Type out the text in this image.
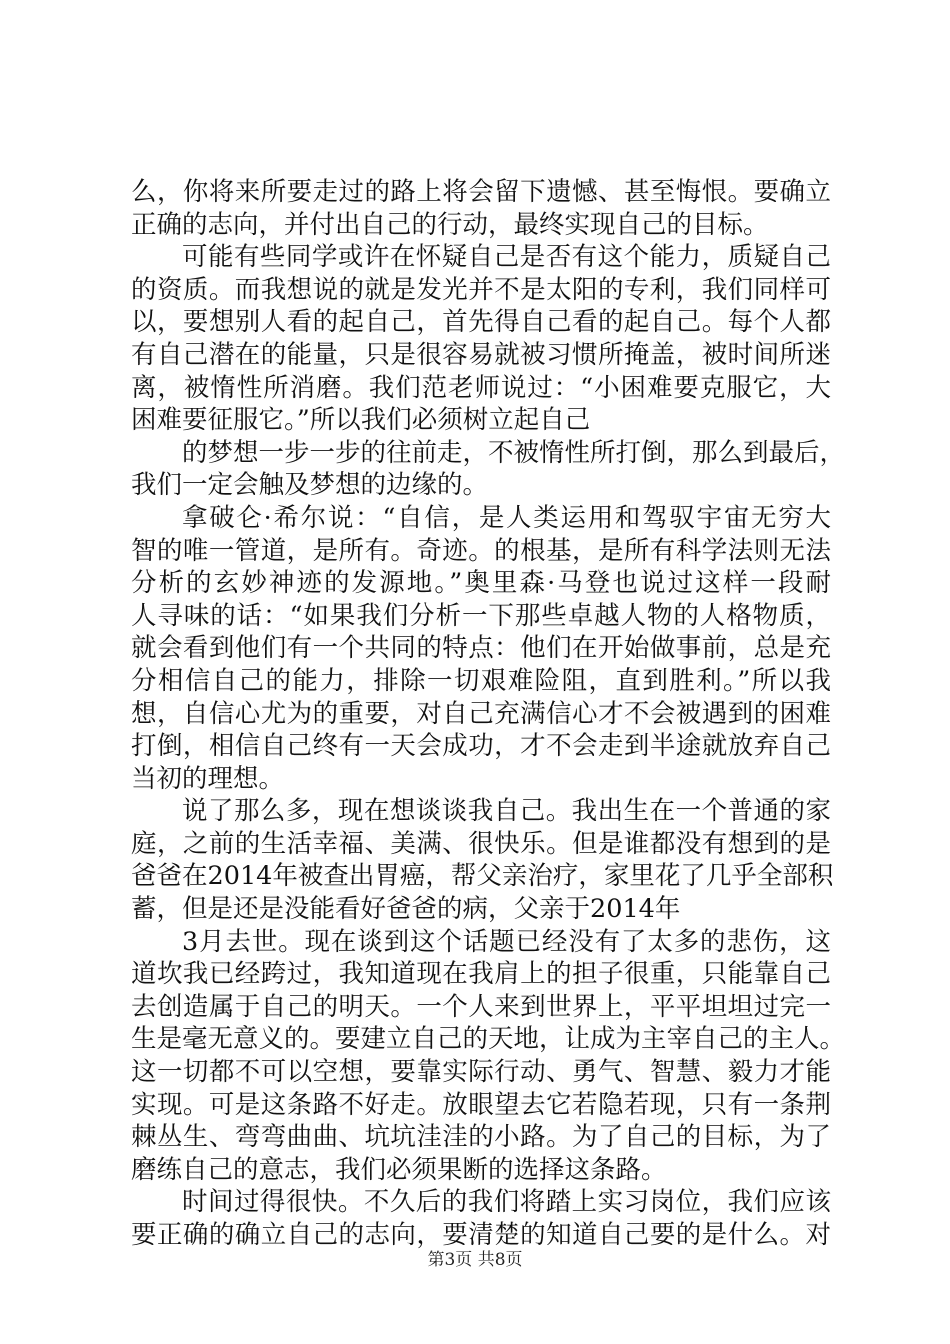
么，你将来所要走过的路上将会留下遗憾、甚至悔恨。要确立
正确的志向，并付出自己的行动，最终实现自己的目标。
可能有些同学或许在怀疑自己是否有这个能力，质疑自己
的资质。而我想说的就是发光并不是太阳的专利，我们同样可
以，要想别人看的起自己，首先得自己看的起自己。每个人都
有自己潜在的能量，只是很容易就被习惯所掩盖，被时间所迷
离，被惰性所消磨。我们范老师说过：“小困难要克服它，大
困难要征服它。”所以我们必须树立起自己
的梦想一步一步的往前走，不被惰性所打倒，那么到最后，
我们一定会触及梦想的边缘的。
拿破仑·希尔说：“自信，是人类运用和驾驭宇宙无穷大
智的唯一管道，是所有。奇迹。的根基，是所有科学法则无法
分析的玄妙神迹的发源地。”奥里森·马登也说过这样一段耐
人寻味的话：“如果我们分析一下那些卓越人物的人格物质，
就会看到他们有一个共同的特点：他们在开始做事前，总是充
分相信自己的能力，排除一切艰难险阻，直到胜利。”所以我
想，自信心尤为的重要，对自己充满信心才不会被遇到的困难
打倒，相信自己终有一天会成功，才不会走到半途就放弃自己
当初的理想。
说了那么多，现在想谈谈我自己。我出生在一个普通的家
庭，之前的生活幸福、美满、很快乐。但是谁都没有想到的是
爸爸在2014年被查出胃癌，帮父亲治疗，家里花了几乎全部积
蓄，但是还是没能看好爸爸的病，父亲于2014年
3月去世。现在谈到这个话题已经没有了太多的悲伤，这
道坎我已经跨过，我知道现在我肩上的担子很重，只能靠自己
去创造属于自己的明天。一个人来到世界上，平平坦坦过完一
生是毫无意义的。要建立自己的天地，让成为主宰自己的主人。
这一切都不可以空想，要靠实际行动、勇气、智慧、毅力才能
实现。可是这条路不好走。放眼望去它若隐若现，只有一条荆
棘丛生、弯弯曲曲、坑坑洼洼的小路。为了自己的目标，为了
磨练自己的意志，我们必须果断的选择这条路。
时间过得很快。不久后的我们将踏上实习岗位，我们应该
要正确的确立自己的志向，要清楚的知道自己要的是什么。对
第3页 共8页
